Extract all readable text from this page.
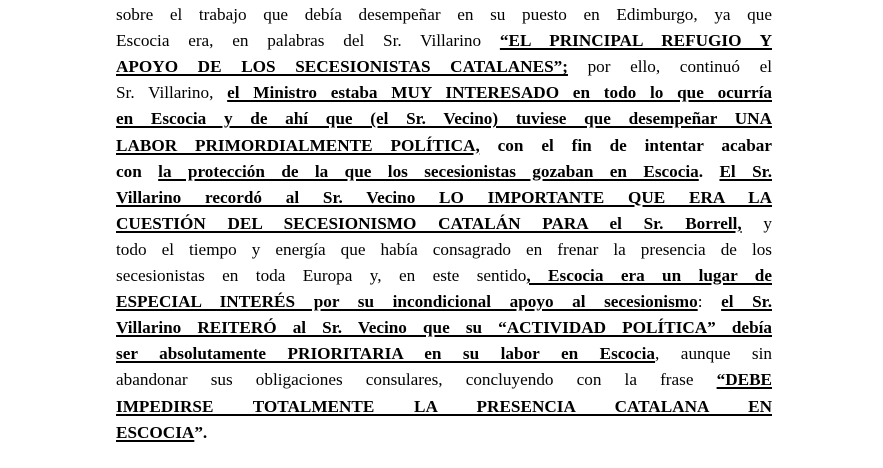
sobre el trabajo que debía desempeñar en su puesto en Edimburgo, ya que
Escocia era, en palabras del Sr. Villarino “EL PRINCIPAL REFUGIO Y
APOYO DE LOS SECESIONISTAS CATALANES”; por ello, continuó el
Sr. Villarino, el Ministro estaba MUY INTERESADO en todo lo que ocurría
en Escocia y de ahí que (el Sr. Vecino) tuviese que desempeñar UNA
LABOR PRIMORDIALMENTE POLÍTICA, con el fin de intentar acabar
con la protección de la que los secesionistas gozaban en Escocia. El Sr.
Villarino recordó al Sr. Vecino LO IMPORTANTE QUE ERA LA
CUESTIÓN DEL SECESIONISMO CATALÁN PARA el Sr. Borrell, y
todo el tiempo y energía que había consagrado en frenar la presencia de los
secesionistas en toda Europa y, en este sentido, Escocia era un lugar de
ESPECIAL INTERÉS por su incondicional apoyo al secesionismo: el Sr.
Villarino REITERÓ al Sr. Vecino que su “ACTIVIDAD POLÍTICA” debía
ser absolutamente PRIORITARIA en su labor en Escocia, aunque sin
abandonar sus obligaciones consulares, concluyendo con la frase “DEBE
IMPEDIRSE TOTALMENTE LA PRESENCIA CATALANA EN
ESCOCIA”.
